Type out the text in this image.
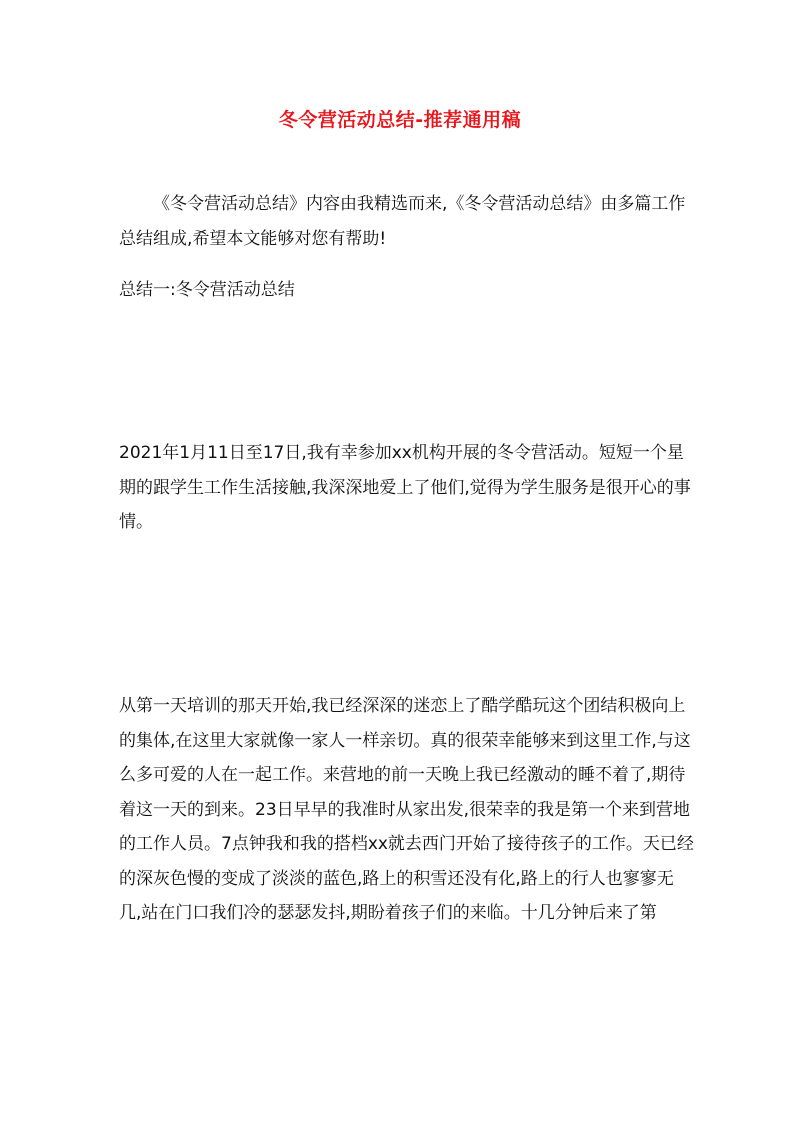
冬令营活动总结-推荐通用稿

《冬令营活动总结》内容由我精选而来,《冬令营活动总结》由多篇工作总结组成,希望本文能够对您有帮助!

总结一:冬令营活动总结

2021年1月11日至17日,我有幸参加xx机构开展的冬令营活动。短短一个星期的跟学生工作生活接触,我深深地爱上了他们,觉得为学生服务是很开心的事情。

从第一天培训的那天开始,我已经深深的迷恋上了酷学酷玩这个团结积极向上的集体,在这里大家就像一家人一样亲切。真的很荣幸能够来到这里工作,与这么多可爱的人在一起工作。来营地的前一天晚上我已经激动的睡不着了,期待着这一天的到来。23日早早的我准时从家出发,很荣幸的我是第一个来到营地的工作人员。7点钟我和我的搭档xx就去西门开始了接待孩子的工作。天已经的深灰色慢的变成了淡淡的蓝色,路上的积雪还没有化,路上的行人也寥寥无几,站在门口我们冷的瑟瑟发抖,期盼着孩子们的来临。十几分钟后来了第
